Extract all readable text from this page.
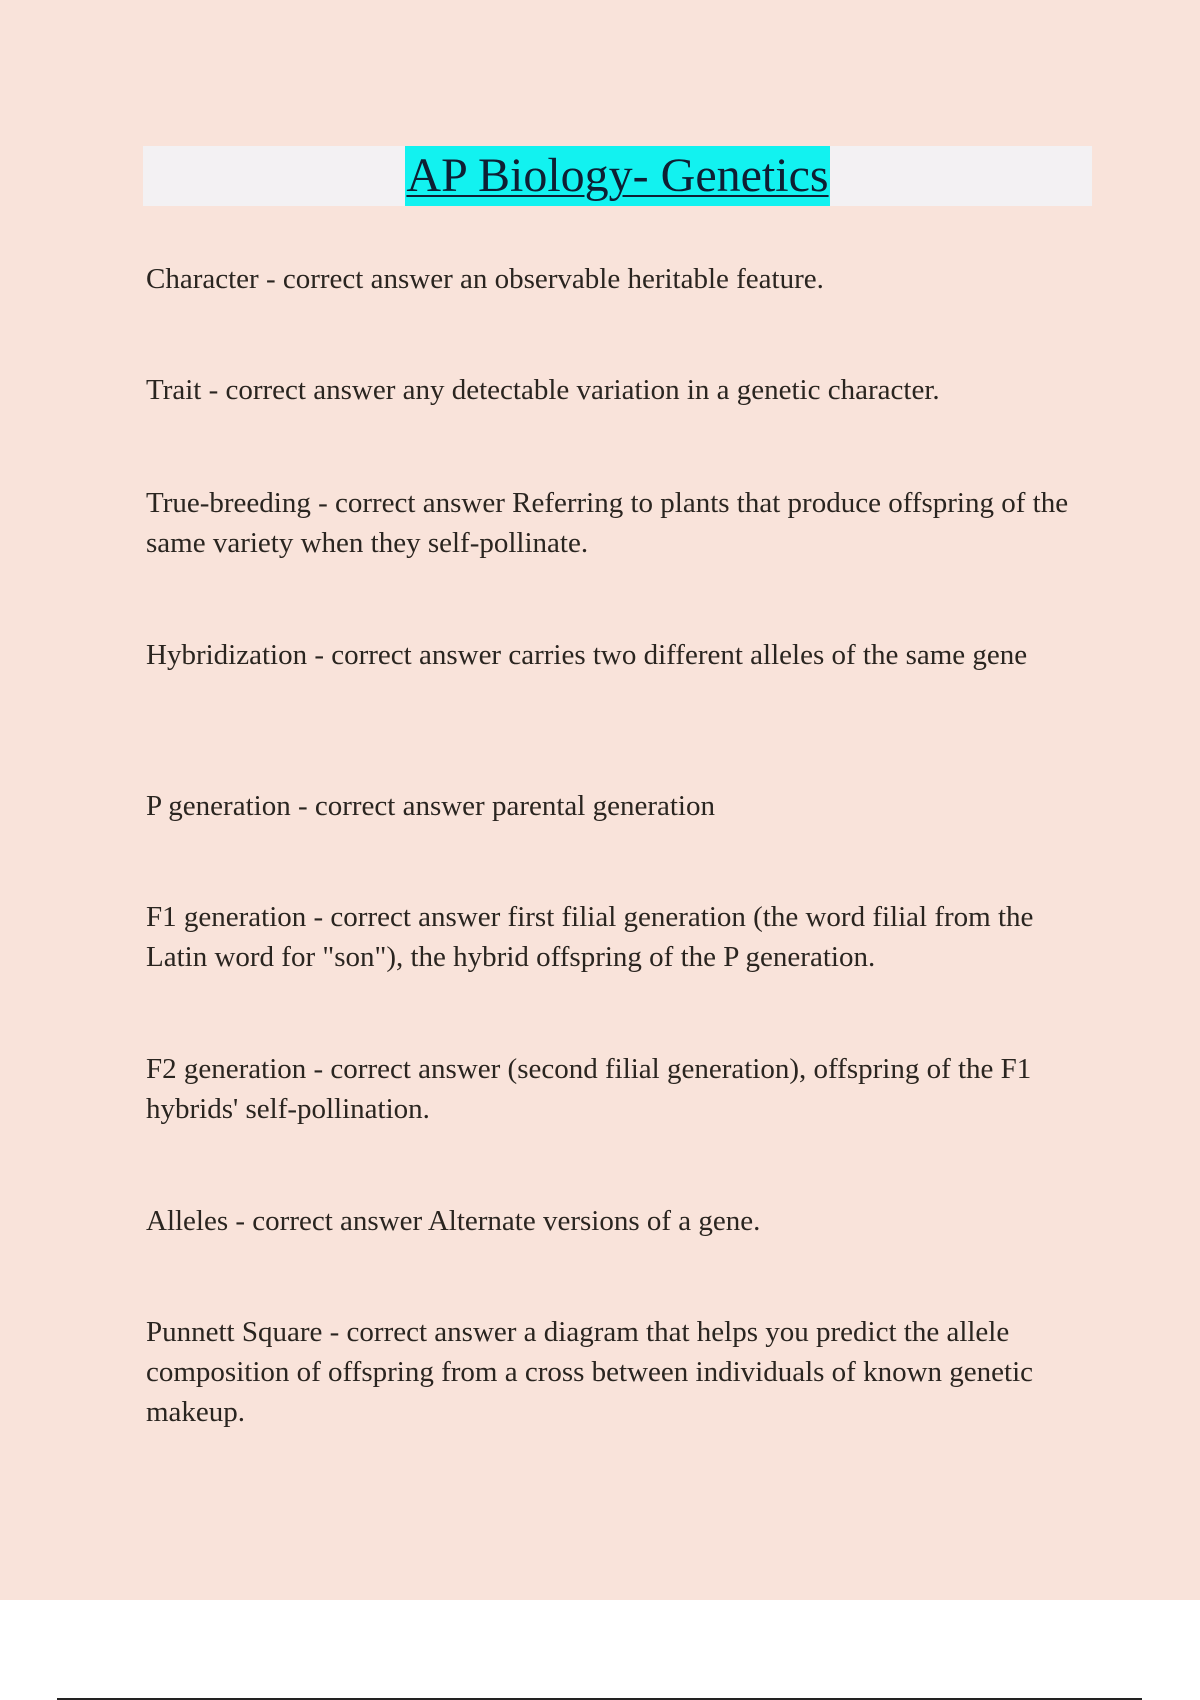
AP Biology- Genetics

Character - correct answer an observable heritable feature.

Trait - correct answer any detectable variation in a genetic character.

True-breeding - correct answer Referring to plants that produce offspring of the same variety when they self-pollinate.

Hybridization - correct answer carries two different alleles of the same gene

P generation - correct answer parental generation

F1 generation - correct answer first filial generation (the word filial from the Latin word for "son"), the hybrid offspring of the P generation.

F2 generation - correct answer (second filial generation), offspring of the F1 hybrids' self-pollination.

Alleles - correct answer Alternate versions of a gene.

Punnett Square - correct answer a diagram that helps you predict the allele composition of offspring from a cross between individuals of known genetic makeup.
